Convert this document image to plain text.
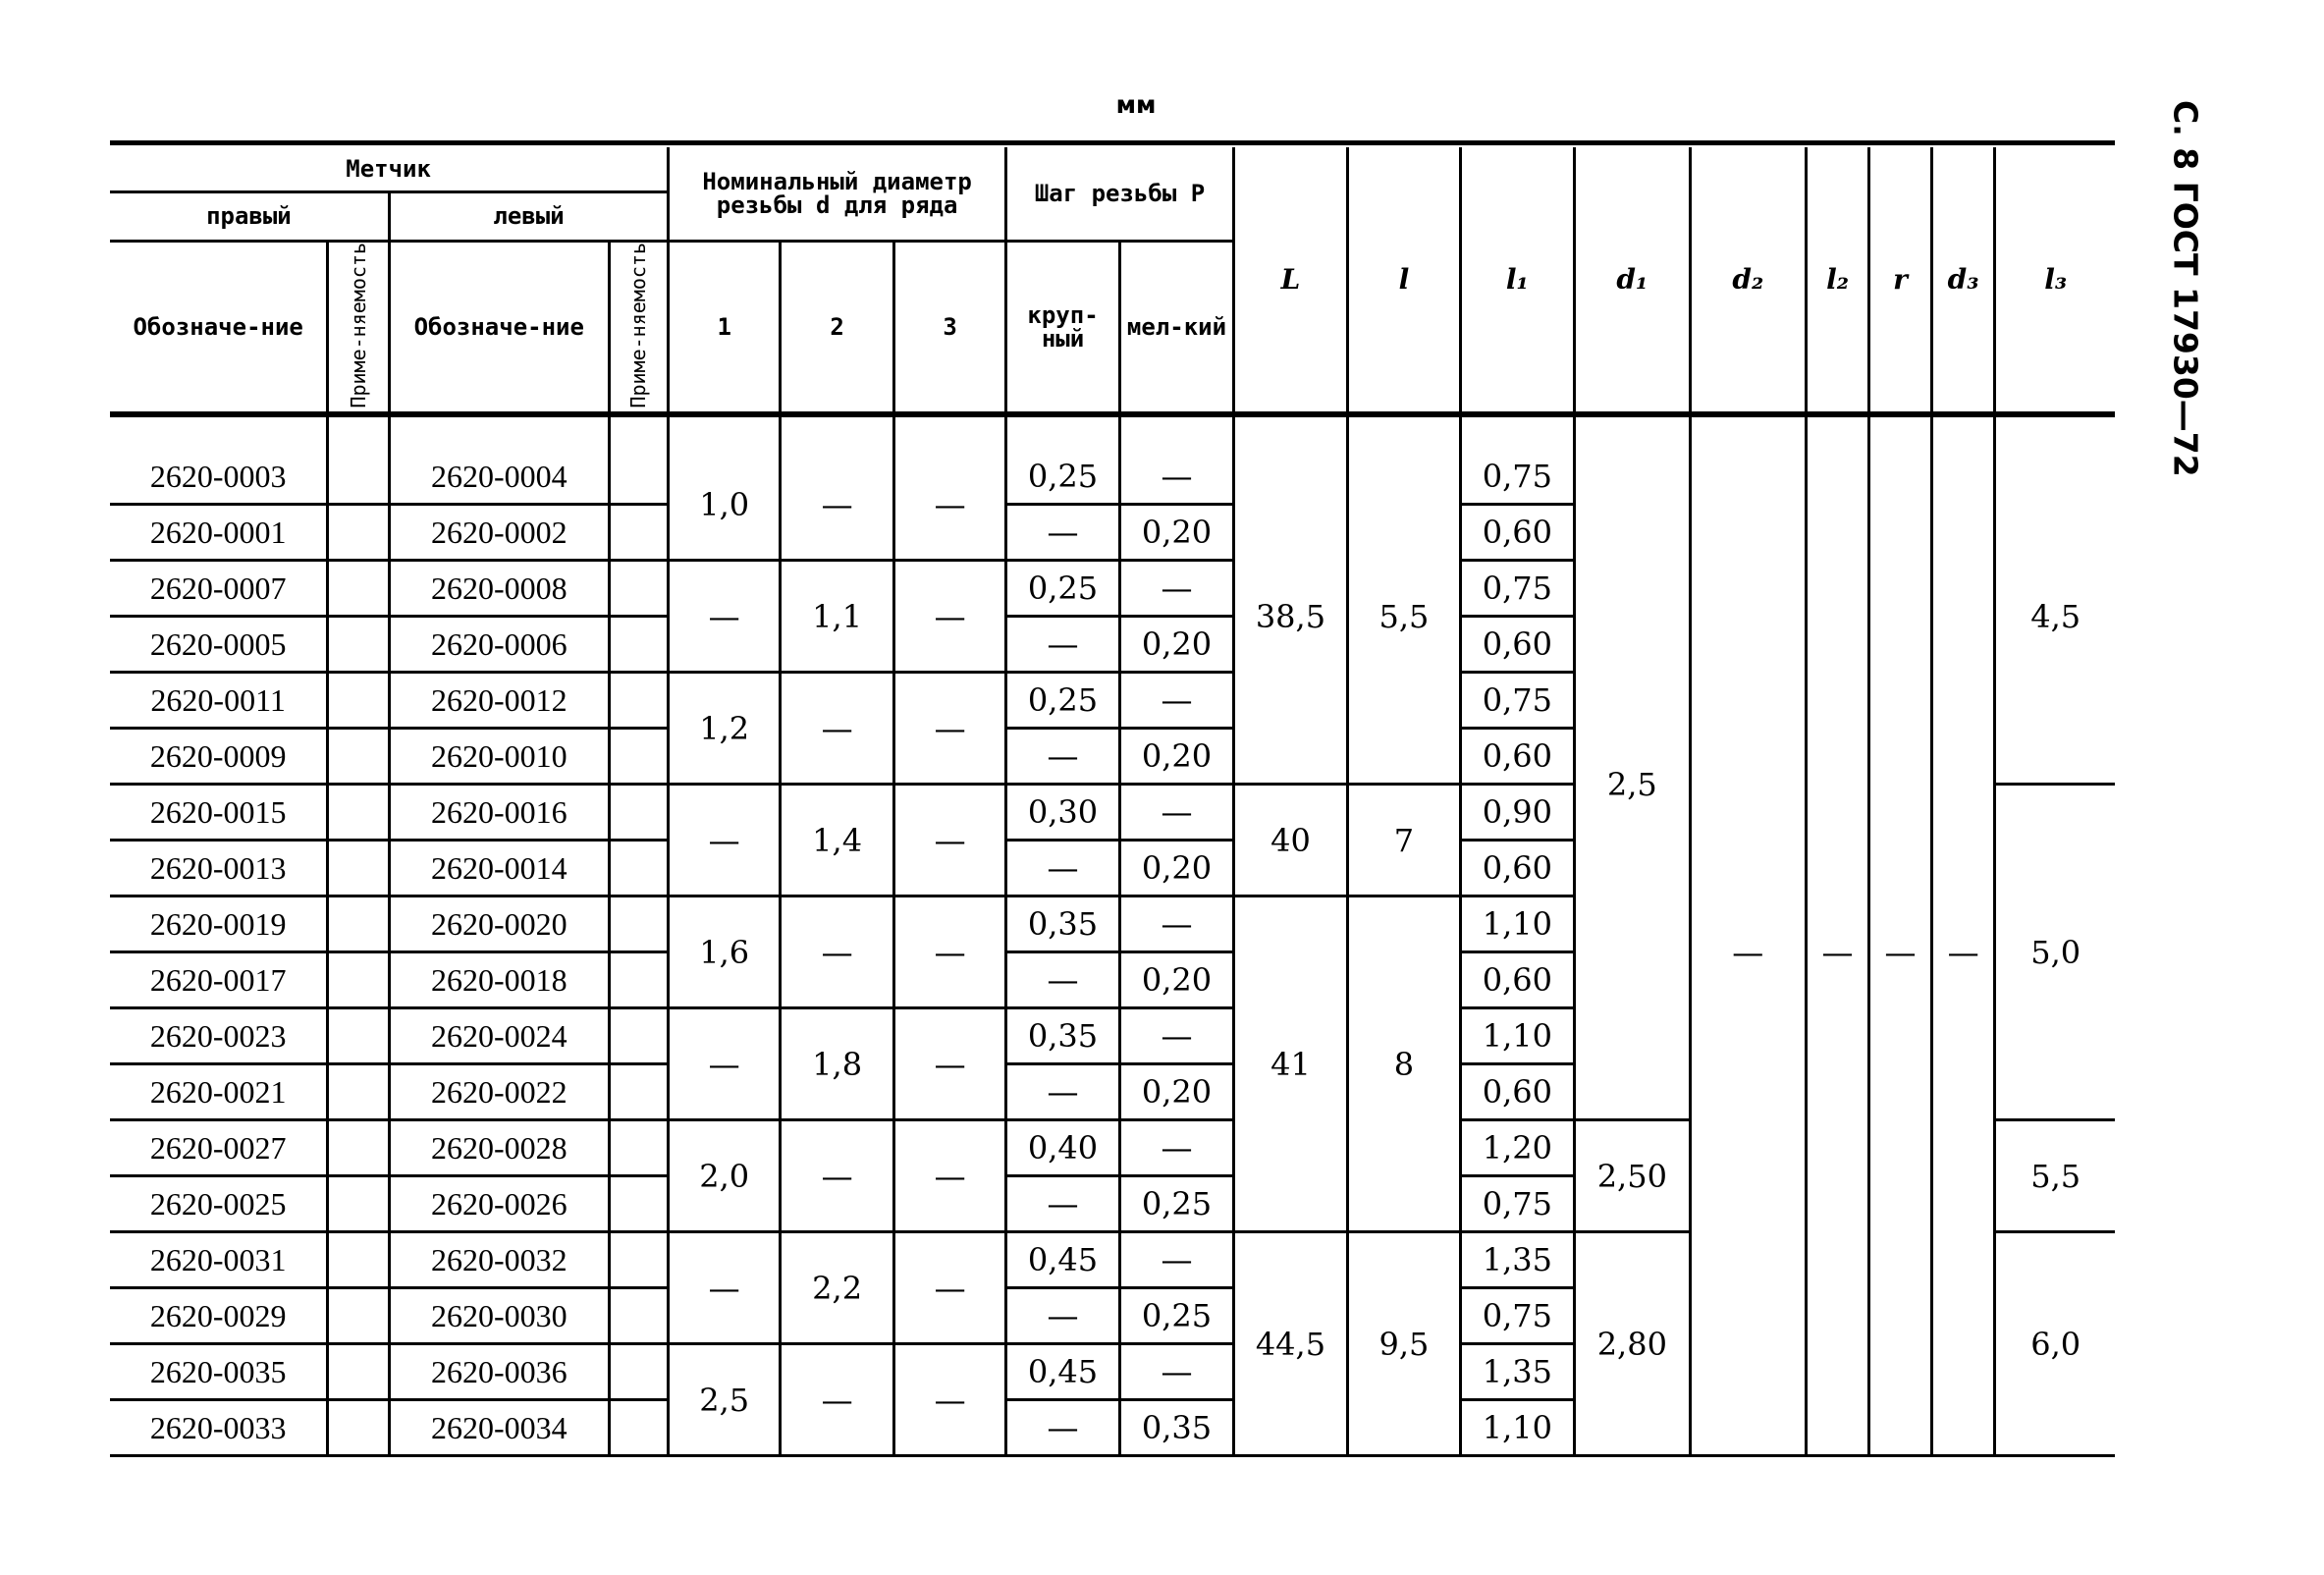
мм	С. 8 ГОСТ 17930—72
Метчик				Номинальный диаметр резьбы d для ряда			Шаг резьбы P		L	l	l₁	d₁	d₂	l₂	r	d₃	l₃
правый		левый															
Обозначе-ние	Приме-няемость	Обозначе-ние	Приме-няемость	1	2	3	круп-ный	мел-кий									

2620-0003		2620-0004		1,0	—	—	0,25	—	38,5	5,5	0,75	2,5	—	—	—	—	4,5
2620-0001		2620-0002					—	0,20			0,60						
2620-0007		2620-0008		—	1,1	—	0,25	—			0,75						
2620-0005		2620-0006					—	0,20			0,60						
2620-0011		2620-0012		1,2	—	—	0,25	—			0,75						
2620-0009		2620-0010					—	0,20			0,60						
2620-0015		2620-0016		—	1,4	—	0,30	—	40	7	0,90						5,0
2620-0013		2620-0014					—	0,20			0,60						
2620-0019		2620-0020		1,6	—	—	0,35	—	41	8	1,10						
2620-0017		2620-0018					—	0,20			0,60						
2620-0023		2620-0024		—	1,8	—	0,35	—			1,10						
2620-0021		2620-0022					—	0,20			0,60						
2620-0027		2620-0028		2,0	—	—	0,40	—			1,20	2,50					5,5
2620-0025		2620-0026					—	0,25			0,75						
2620-0031		2620-0032		—	2,2	—	0,45	—	44,5	9,5	1,35	2,80					6,0
2620-0029		2620-0030					—	0,25			0,75						
2620-0035		2620-0036		2,5	—	—	0,45	—			1,35						
2620-0033		2620-0034					—	0,35			1,10						
